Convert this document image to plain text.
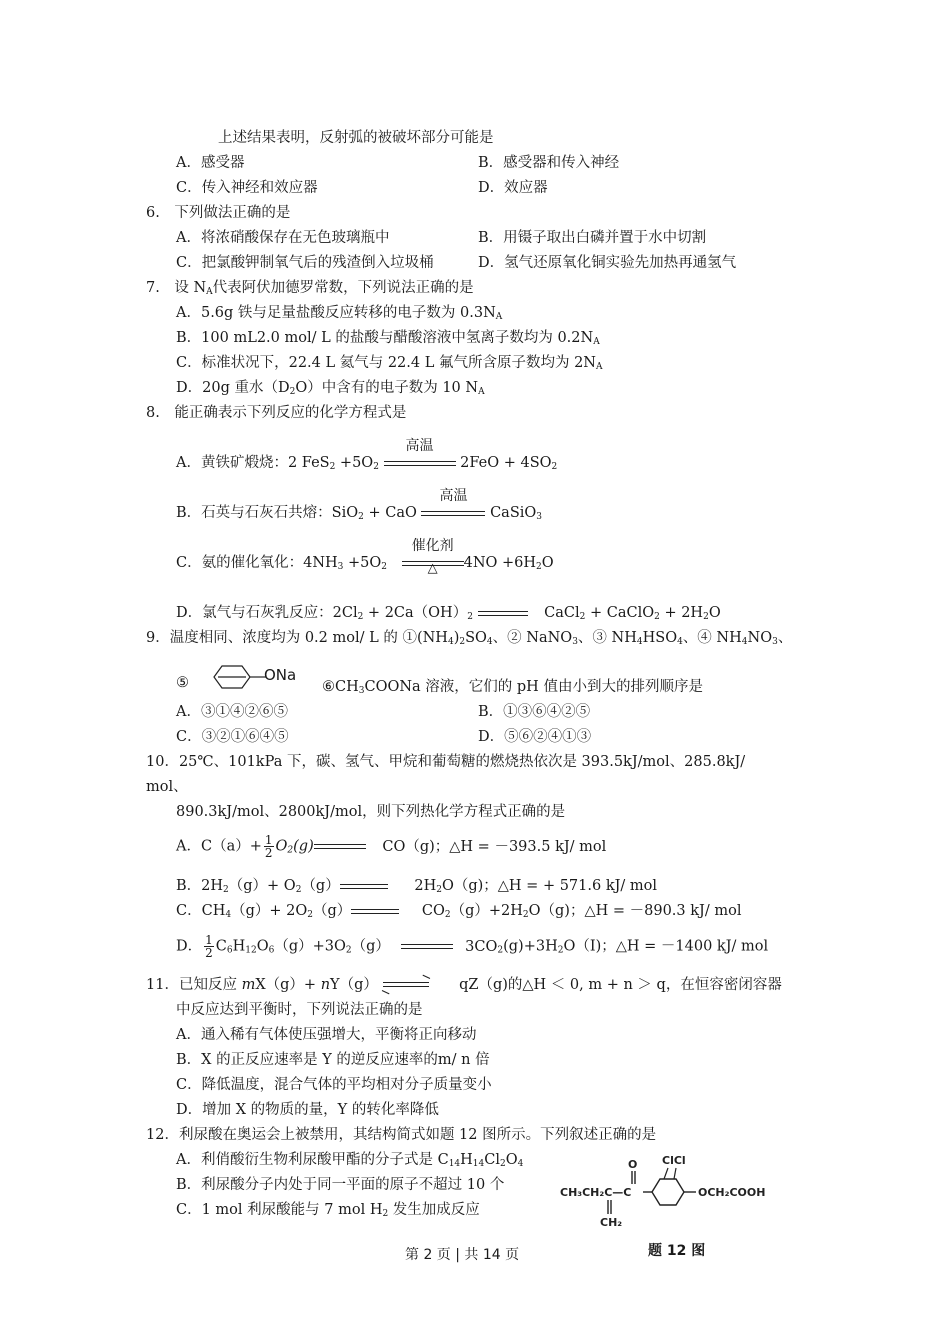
上述结果表明，反射弧的被破坏部分可能是
A．感受器	B．感受器和传入神经
C．传入神经和效应器	D．效应器
6.　下列做法正确的是
A．将浓硝酸保存在无色玻璃瓶中	B．用镊子取出白磷并置于水中切割
C．把氯酸钾制氧气后的残渣倒入垃圾桶	D．氢气还原氧化铜实验先加热再通氢气
7.　设 $N_A$代表阿伏加德罗常数，下列说法正确的是
A．5.6g 铁与足量盐酸反应转移的电子数为 $0.3N_A$
B．100 mL2.0 mol/ L 的盐酸与醋酸溶液中氢离子数均为 $0.2N_A$
C．标准状况下，22.4 L 氦气与 22.4 L 氟气所含原子数均为 $2N_A$
D．20g 重水$(D_2O)$中含有的电子数为 10 $N_A$
8.　能正确表示下列反应的化学方程式是
A．黄铁矿煅烧：2 $FeS_2 +5O_2$
高温
$2FeO + 4SO_2$
B．石英与石灰石共熔：SiO$_2$ + CaO
高温
CaSiO$_3$
C．氨的催化氧化：$4NH_3 +5O_2$
催化剂
△	$4NO +6H_2O$
D．氯气与石灰乳反应：$2Cl_2 + 2Ca(OH)_2$	CaCl$_2$ + CaClO$_2$ + $2H_2O$
9．温度相同、浓度均为 0.2 mol/ L 的 $①(NH_4)_2SO_4$、② NaNO$_3$、③ $NH_4HSO_4$、④ $NH_4NO_3$、
⑤	ONa
$⑥CH_3COONa$ 溶液，它们的 pH 值由小到大的排列顺序是
A．③①④②⑥⑤	B．①③⑥④②⑤
C．③②①⑥④⑤	D．⑤⑥②④①③
10．25℃、101kPa 下，碳、氢气、甲烷和葡萄糖的燃烧热依次是 393.5kJ/mol、285.8kJ/
mol、
890.3kJ/mol、2800kJ/mol，则下列热化学方程式正确的是
A．$C(a)+ \frac{1}{2} O_2(g)$	CO（g)；△H = －393.5 kJ/ mol
B．$2H_2(g)+ O_2(g)$	$2H_2O(g)$；△H = + 571.6 kJ/ mol
C．$CH_4(g)+ 2O_2(g)$	$CO_2(g)+2H_2O(g)$；△H = －890.3 kJ/ mol
D． $\frac{1}{2} C_6H_{12}O_6(g)+3O_2(g)$	$3CO_2(g)+3H_2O(I)$；△H = －1400 kJ/ mol
11．已知反应 mX（g）+ nY（g） ⇌ qZ（g)的△H ＜ 0, m + n ＞ q，在恒容密闭容器
中反应达到平衡时，下列说法正确的是
A．通入稀有气体使压强增大，平衡将正向移动
B．X 的正反应速率是 Y 的逆反应速率的m/ n 倍
C．降低温度，混合气体的平均相对分子质量变小
D．增加 X 的物质的量，Y 的转化率降低
12．利尿酸在奥运会上被禁用，其结构简式如题 12 图所示。下列叙述正确的是
A．利俏酸衍生物利尿酸甲酯的分子式是 $C_{14}H_{14}Cl_2O_4$
B．利尿酸分子内处于同一平面的原子不超过 10 个
C．1 mol 利尿酸能与 7 mol $H_2$ 发生加成反应
CH₃CH₂C—C
O ClCl
CH₂
OCH₂COOH
题 12 图
第 2 页 | 共 14 页
